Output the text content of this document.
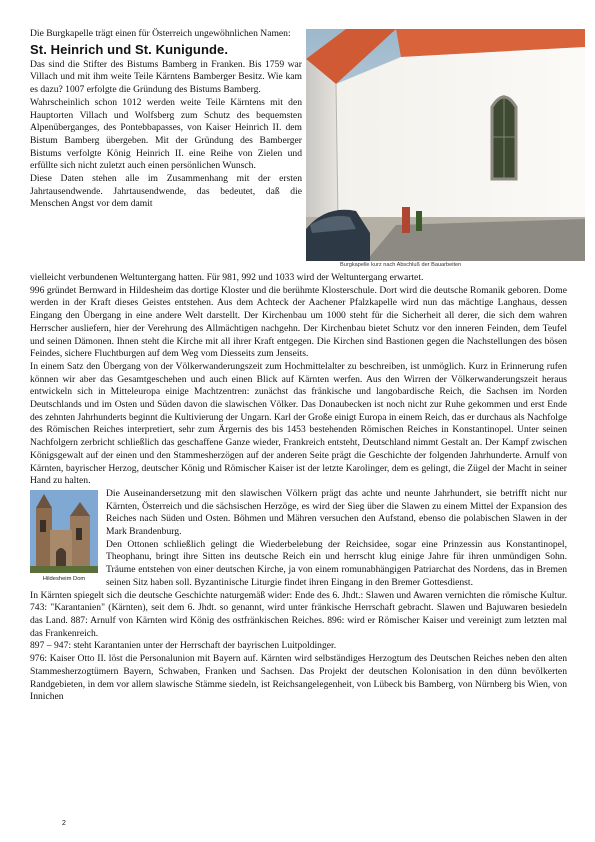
Die Burgkapelle trägt einen für Österreich ungewöhnlichen Namen:
St. Heinrich und St. Kunigunde.

Das sind die Stifter des Bistums Bamberg in Franken. Bis 1759 war Villach und mit ihm weite Teile Kärntens Bamberger Besitz. Wie kam es dazu? 1007 erfolgte die Gründung des Bistums Bamberg.

Wahrscheinlich schon 1012 werden weite Teile Kärntens mit den Hauptorten Villach und Wolfsberg zum Schutz des bequemsten Alpenüberganges, des Pontebbapasses, von Kaiser Heinrich II. dem Bistum Bamberg übergeben. Mit der Gründung des Bamberger Bistums verfolgte König Heinrich II. eine Reihe von Zielen und erfüllte sich nicht zuletzt auch einen persönlichen Wunsch.

Diese Daten stehen alle im Zusammenhang mit der ersten Jahrtausendwende. Jahrtausendwende, das bedeutet, daß die Menschen Angst vor dem damit

Burgkapelle kurz nach Abschluß der Bauarbeiten

vielleicht verbundenen Weltuntergang hatten. Für 981, 992 und 1033 wird der Weltuntergang erwartet.

996 gründet Bernward in Hildesheim das dortige Kloster und die berühmte Klosterschule. Dort wird die deutsche Romanik geboren. Dome werden in der Kraft dieses Geistes entstehen. Aus dem Achteck der Aachener Pfalzkapelle wird nun das mächtige Langhaus, dessen Eingang den Übergang in eine andere Welt darstellt. Der Kirchenbau um 1000 steht für die Sicherheit all derer, die sich dem wahren Herrscher ausliefern, hier der Verehrung des Allmächtigen nachgehn. Der Kirchenbau bietet Schutz vor den inneren Feinden, dem Teufel und seinen Dämonen. Ihnen steht die Kirche mit all ihrer Kraft entgegen. Die Kirchen sind Bastionen gegen die Nachstellungen des bösen Feindes, sichere Fluchtburgen auf dem Weg vom Diesseits zum Jenseits.

In einem Satz den Übergang von der Völkerwanderungszeit zum Hochmittelalter zu beschreiben, ist unmöglich. Kurz in Erinnerung rufen können wir aber das Gesamtgeschehen und auch einen Blick auf Kärnten werfen. Aus den Wirren der Völkerwanderungszeit heraus entwickeln sich in Mitteleuropa einige Machtzentren: zunächst das fränkische und langobardische Reich, die Sachsen im Norden Deutschlands und im Osten und Süden davon die slawischen Völker. Das Donaubecken ist noch nicht zur Ruhe gekommen und erst Ende des zehnten Jahrhunderts beginnt die Kultivierung der Ungarn. Karl der Große einigt Europa in einem Reich, das er durchaus als Nachfolge des Römischen Reiches interpretiert, sehr zum Ärgernis des bis 1453 bestehenden Römischen Reiches in Konstantinopel. Unter seinen Nachfolgern zerbricht schließlich das geschaffene Ganze wieder, Frankreich entsteht, Deutschland nimmt Gestalt an. Der Kampf zwischen Königsgewalt auf der einen und den Stammesherzögen auf der anderen Seite prägt die Geschichte der folgenden Jahrhunderte. Arnulf von Kärnten, bayrischer Herzog, deutscher König und Römischer Kaiser ist der letzte Karolinger, dem es gelingt, die Zügel der Macht in seiner Hand zu halten.

Hildesheim Dom

Die Auseinandersetzung mit den slawischen Völkern prägt das achte und neunte Jahrhundert, sie betrifft nicht nur Kärnten, Österreich und die sächsischen Herzöge, es wird der Sieg über die Slawen zu einem Mittel der Expansion des Reiches nach Süden und Osten. Böhmen und Mähren versuchen den Aufstand, ebenso die polabischen Slawen in der Mark Brandenburg.

Den Ottonen schließlich gelingt die Wiederbelebung der Reichsidee, sogar eine Prinzessin aus Konstantinopel, Theophanu, bringt ihre Sitten ins deutsche Reich ein und herrscht klug einige Jahre für ihren unmündigen Sohn. Träume entstehen von einer deutschen Kirche, ja von einem romunabhängigen Patriarchat des Nordens, das in Bremen seinen Sitz haben soll. Byzantinische Liturgie findet ihren Eingang in den Bremer Gottesdienst.

In Kärnten spiegelt sich die deutsche Geschichte naturgemäß wider: Ende des 6. Jhdt.: Slawen und Awaren vernichten die römische Kultur. 743: "Karantanien" (Kärnten), seit dem 6. Jhdt. so genannt, wird unter fränkische Herrschaft gebracht. Slawen und Bajuwaren besiedeln das Land. 887: Arnulf von Kärnten wird König des ostfränkischen Reiches. 896: wird er Römischer Kaiser und vereinigt zum letzten mal das Frankenreich.

897 – 947: steht Karantanien unter der Herrschaft der bayrischen Luitpoldinger.

976: Kaiser Otto II. löst die Personalunion mit Bayern auf. Kärnten wird selbständiges Herzogtum des Deutschen Reiches neben den alten Stammesherzogtümern Bayern, Schwaben, Franken und Sachsen. Das Projekt der deutschen Kolonisation in den dünn bevölkerten Randgebieten, in dem vor allem slawische Stämme siedeln, ist Reichsangelegenheit, von Lübeck bis Bamberg, von Nürnberg bis Wien, von Innichen

2
